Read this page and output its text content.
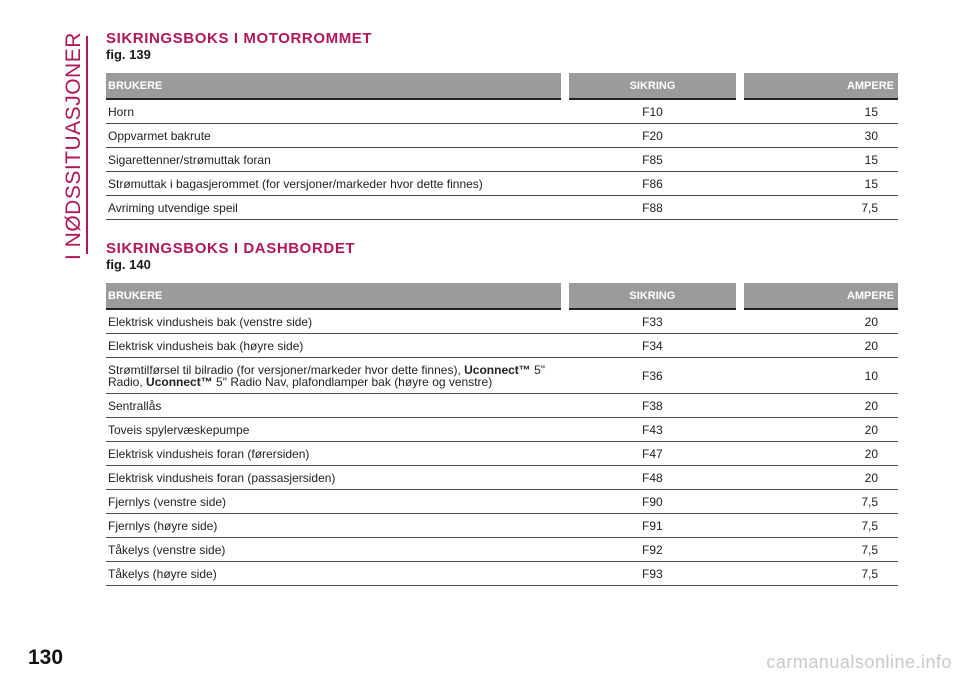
I NØDSSITUASJONER SIKRINGSBOKS I MOTORROMMET
fig. 139
BRUKERE	SIKRING	AMPERE
Horn	F10	15
Oppvarmet bakrute	F20	30
Sigarettenner/strømuttak foran	F85	15
Strømuttak i bagasjerommet (for versjoner/markeder hvor dette finnes)	F86	15
Avriming utvendige speil	F88	7,5
SIKRINGSBOKS I DASHBORDET
fig. 140
BRUKERE	SIKRING	AMPERE
Elektrisk vindusheis bak (venstre side)	F33	20
Elektrisk vindusheis bak (høyre side)	F34	20
Strømtilførsel til bilradio (for versjoner/markeder hvor dette finnes), Uconnect™ 5" Radio, Uconnect™ 5" Radio Nav, plafondlamper bak (høyre og venstre)	F36	10
Sentrallås	F38	20
Toveis spylervæskepumpe	F43	20
Elektrisk vindusheis foran (førersiden)	F47	20
Elektrisk vindusheis foran (passasjersiden)	F48	20
Fjernlys (venstre side)	F90	7,5
Fjernlys (høyre side)	F91	7,5
Tåkelys (venstre side)	F92	7,5
Tåkelys (høyre side)	F93	7,5
130	carmanualsonline.info
